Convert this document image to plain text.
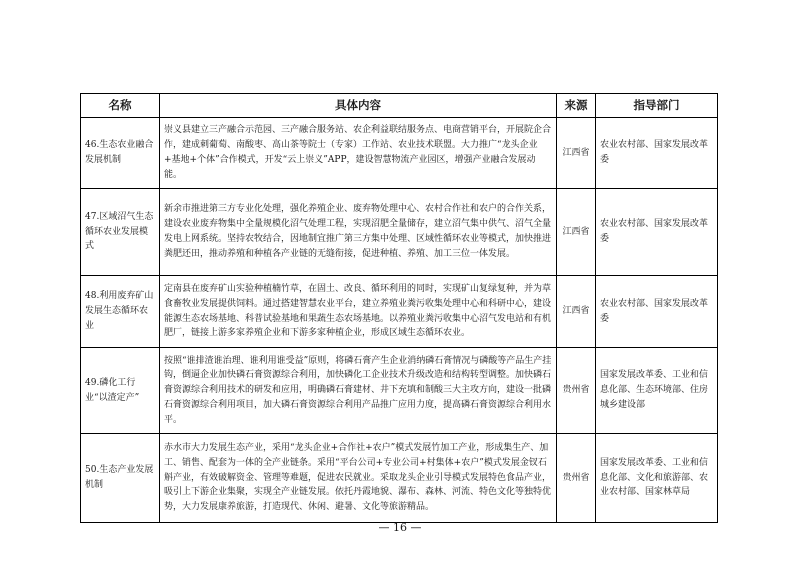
名称	具体内容	来源	指导部门
46.生态农业融合发展机制	崇义县建立三产融合示范园、三产融合服务站、农企利益联结服务点、电商营销平台，开展院企合作，建成刺葡萄、南酸枣、高山茶等院士（专家）工作站、农业技术联盟。大力推广“龙头企业+基地+个体”合作模式，开发“云上崇义”APP，建设智慧物流产业园区，增强产业融合发展动能。	江西省	农业农村部、国家发展改革委
47.区域沼气生态循环农业发展模式	新余市推进第三方专业化处理，强化养殖企业、废弃物处理中心、农村合作社和农户的合作关系，建设农业废弃物集中全量规模化沼气处理工程，实现沼肥全量储存，建立沼气集中供气、沼气全量发电上网系统。坚持农牧结合，因地制宜推广第三方集中处理、区域性循环农业等模式，加快推进粪肥还田，推动养殖和种植各产业链的无缝衔接，促进种植、养殖、加工三位一体发展。	江西省	农业农村部、国家发展改革委
48.利用废弃矿山发展生态循环农业	定南县在废弃矿山实验种植楠竹草，在固土、改良、循环利用的同时，实现矿山复绿复种，并为草食畜牧业发展提供饲料。通过搭建智慧农业平台，建立养殖业粪污收集处理中心和科研中心，建设能源生态农场基地、科普试验基地和果蔬生态农场基地。以养殖业粪污收集中心沼气发电站和有机肥厂，链接上游多家养殖企业和下游多家种植企业，形成区域生态循环农业。	江西省	农业农村部、国家发展改革委
49.磷化工行业“以渣定产”	按照“谁排渣谁治理、谁利用谁受益”原则，将磷石膏产生企业消纳磷石膏情况与磷酸等产品生产挂钩，倒逼企业加快磷石膏资源综合利用，加快磷化工企业技术升级改造和结构转型调整。加快磷石膏资源综合利用技术的研发和应用，明确磷石膏建材、井下充填和制酸三大主攻方向，建设一批磷石膏资源综合利用项目，加大磷石膏资源综合利用产品推广应用力度，提高磷石膏资源综合利用水平。	贵州省	国家发展改革委、工业和信息化部、生态环境部、住房城乡建设部
50.生态产业发展机制	赤水市大力发展生态产业，采用“龙头企业+合作社+农户”模式发展竹加工产业，形成集生产、加工、销售、配套为一体的全产业链条。采用“平台公司+专业公司+村集体+农户”模式发展金钗石斛产业，有效破解资金、管理等难题，促进农民就业。采取龙头企业引导模式发展特色食品产业，吸引上下游企业集聚，实现全产业链发展。依托丹霞地貌、瀑布、森林、河流、特色文化等独特优势，大力发展康养旅游，打造现代、休闲、避暑、文化等旅游精品。	贵州省	国家发展改革委、工业和信息化部、文化和旅游部、农业农村部、国家林草局
— 16 —
